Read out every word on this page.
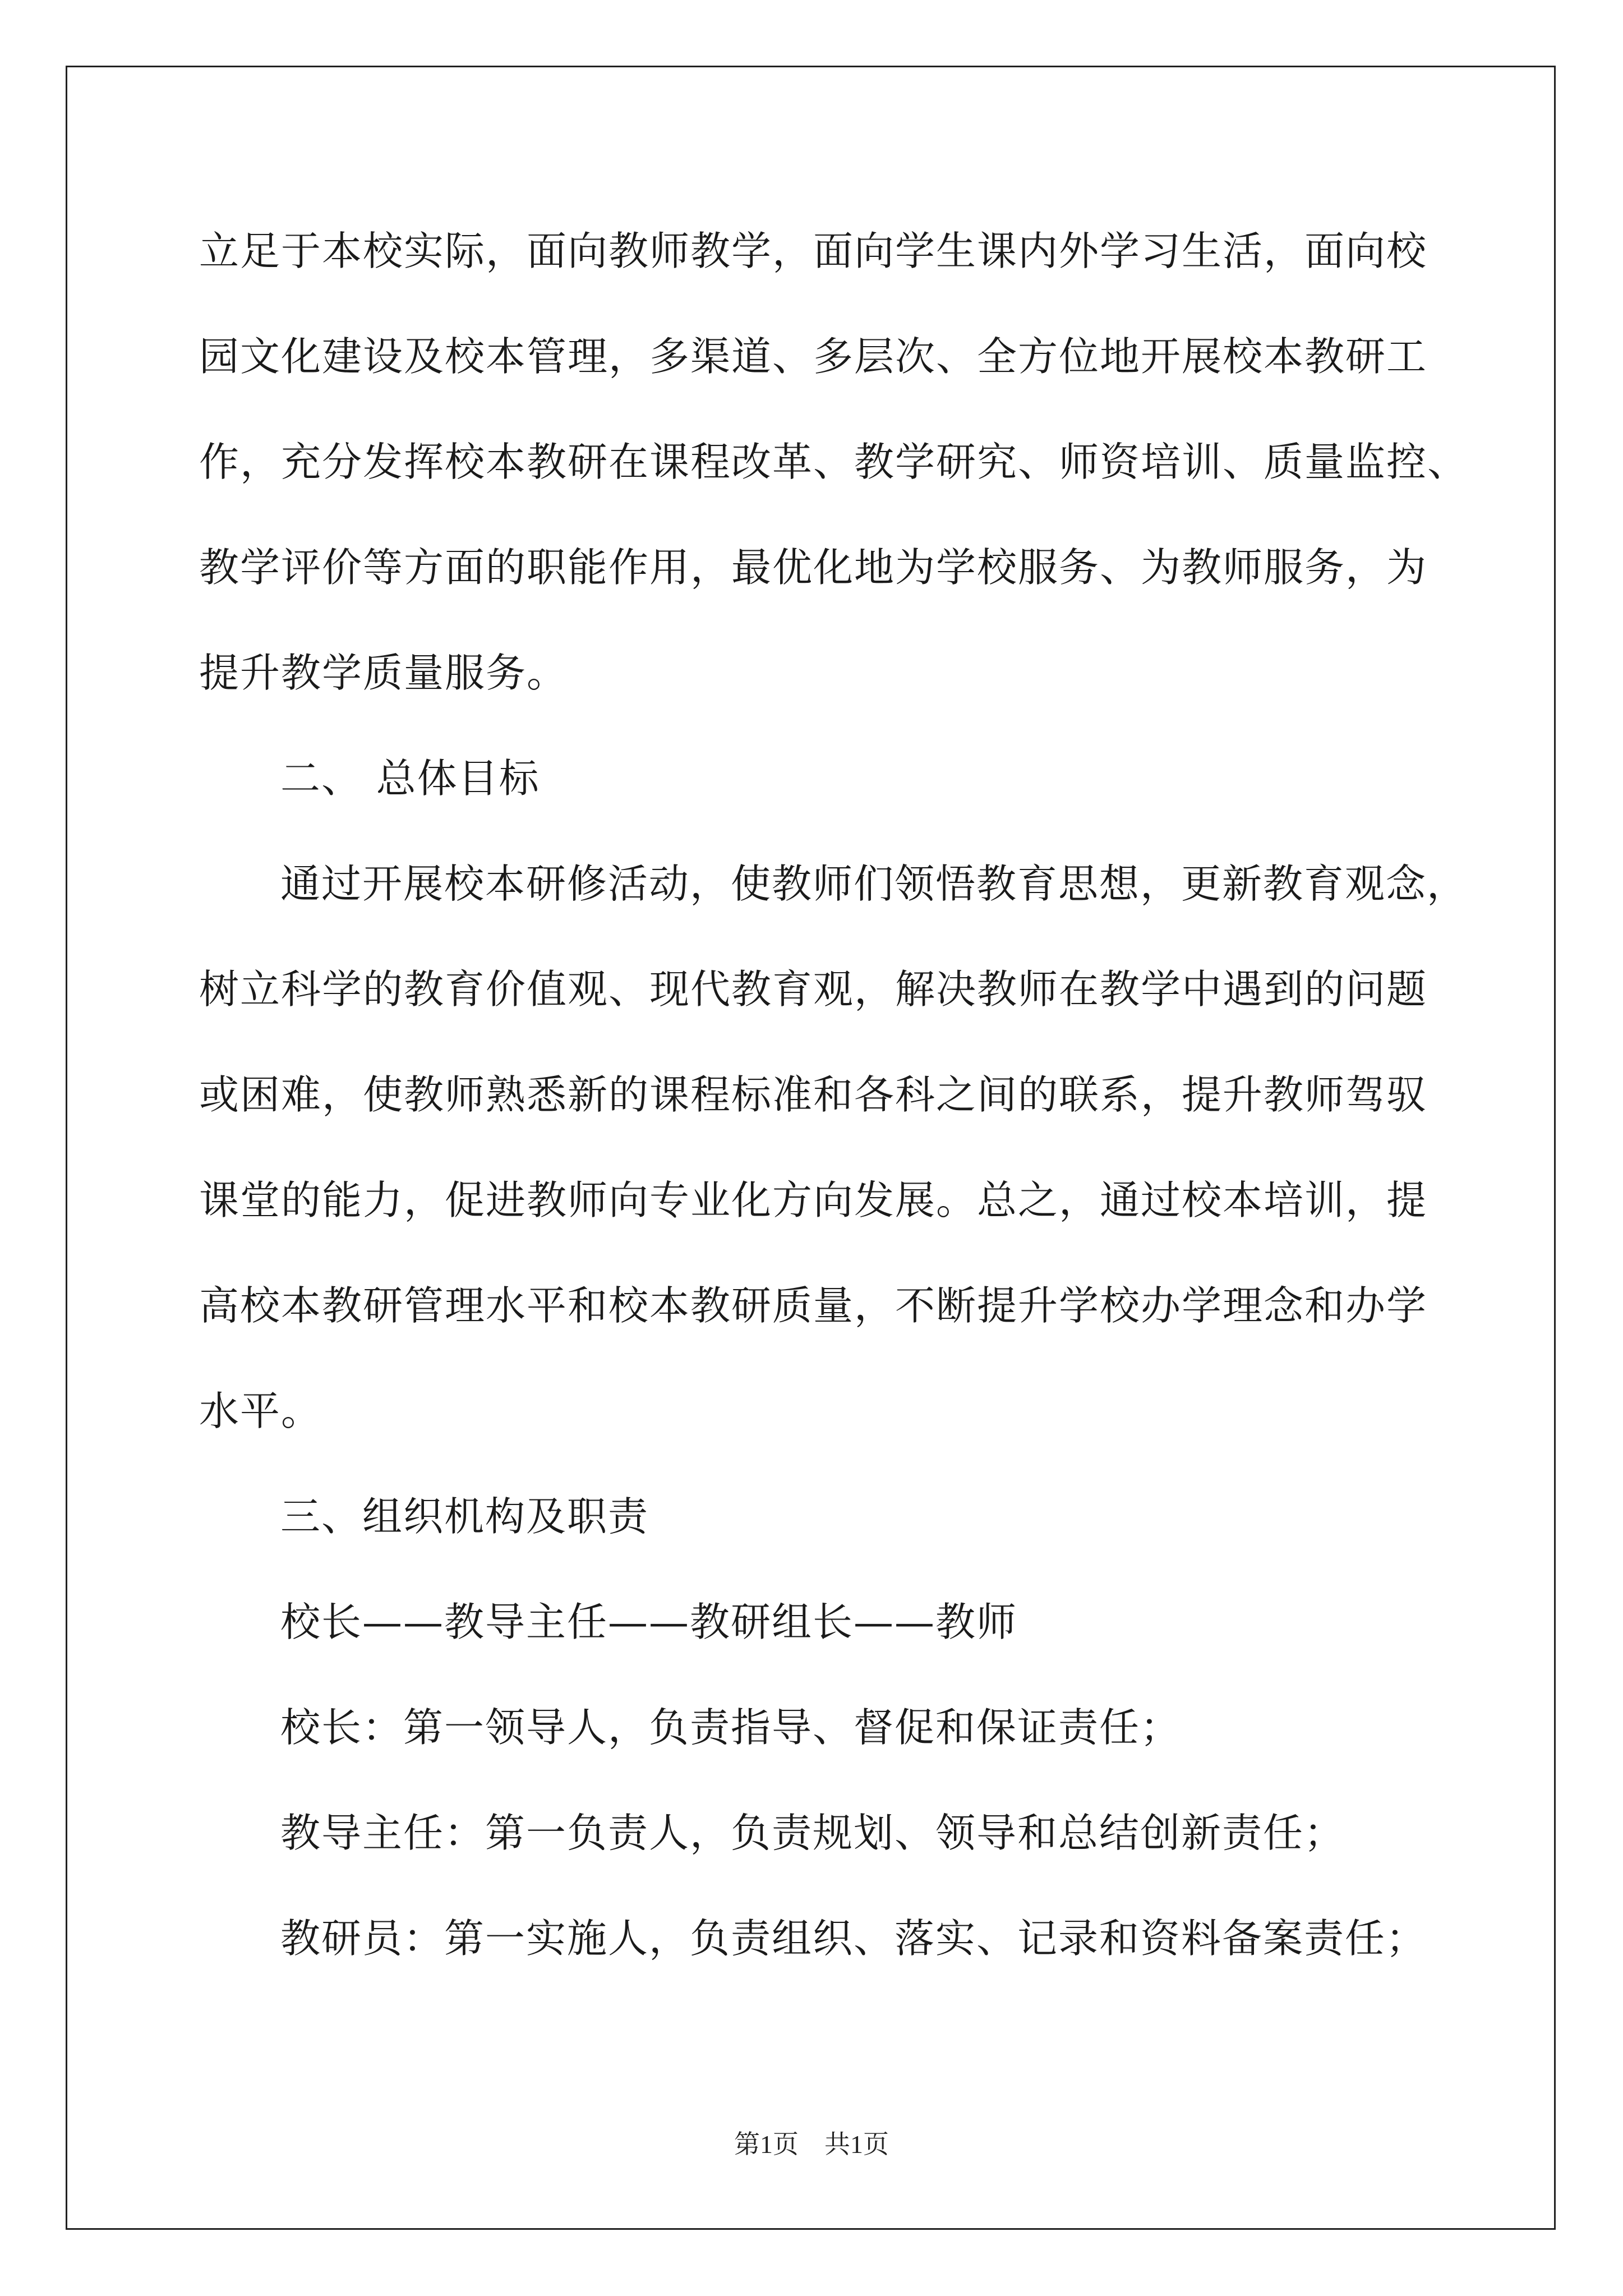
立足于本校实际，面向教师教学，面向学生课内外学习生活，面向校
园文化建设及校本管理，多渠道、多层次、全方位地开展校本教研工
作，充分发挥校本教研在课程改革、教学研究、师资培训、质量监控、
教学评价等方面的职能作用，最优化地为学校服务、为教师服务，为
提升教学质量服务。
二、 总体目标
通过开展校本研修活动，使教师们领悟教育思想，更新教育观念，
树立科学的教育价值观、现代教育观，解决教师在教学中遇到的问题
或困难，使教师熟悉新的课程标准和各科之间的联系，提升教师驾驭
课堂的能力，促进教师向专业化方向发展。总之，通过校本培训，提
高校本教研管理水平和校本教研质量，不断提升学校办学理念和办学
水平。
三、组织机构及职责
校长——教导主任——教研组长——教师
校长：第一领导人，负责指导、督促和保证责任；
教导主任：第一负责人，负责规划、领导和总结创新责任；
教研员：第一实施人，负责组织、落实、记录和资料备案责任；
第1页　共1页
